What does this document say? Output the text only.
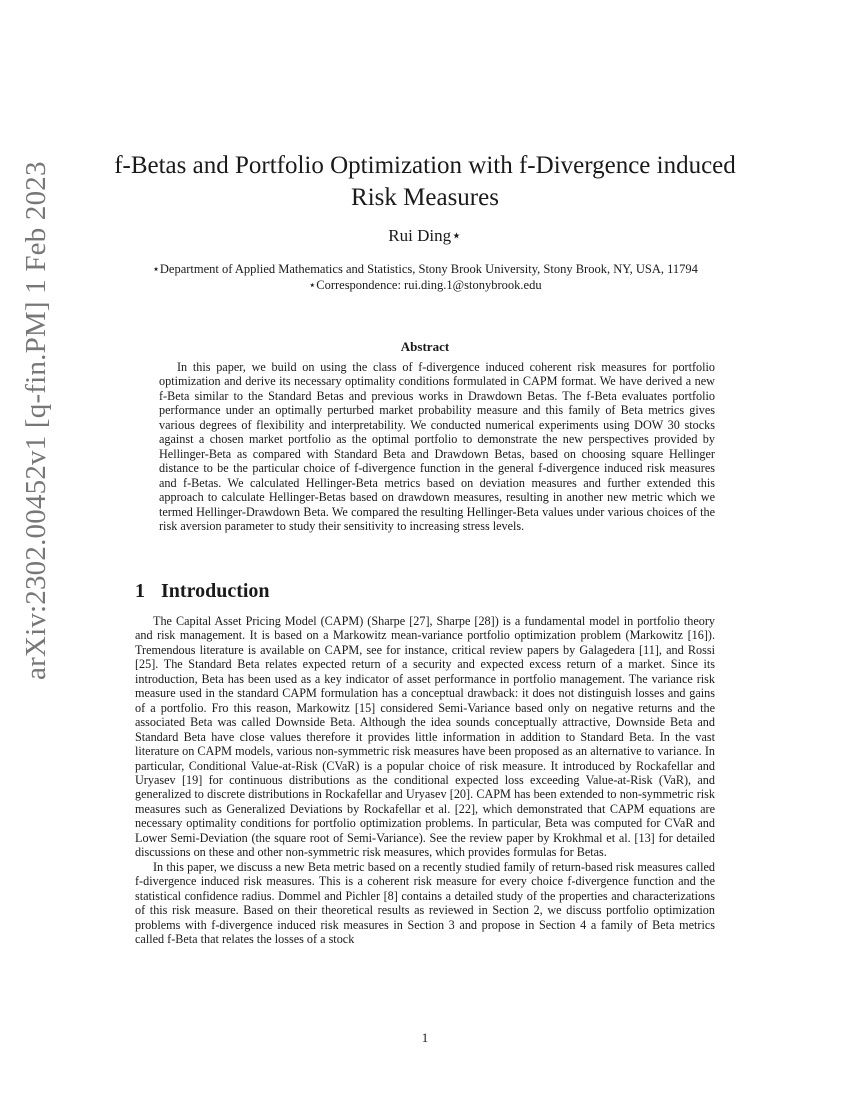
arXiv:2302.00452v1 [q-fin.PM] 1 Feb 2023	f-Betas and Portfolio Optimization with f-Divergence induced Risk Measures
Rui Ding⋆
⋆Department of Applied Mathematics and Statistics, Stony Brook University, Stony Brook, NY, USA, 11794
⋆Correspondence: rui.ding.1@stonybrook.edu
Abstract

In this paper, we build on using the class of f-divergence induced coherent risk measures for portfolio optimization and derive its necessary optimality conditions formulated in CAPM format. We have derived a new f-Beta similar to the Standard Betas and previous works in Drawdown Betas. The f-Beta evaluates portfolio performance under an optimally perturbed market probability measure and this family of Beta metrics gives various degrees of flexibility and interpretability. We conducted numerical experiments using DOW 30 stocks against a chosen market portfolio as the optimal portfolio to demonstrate the new perspectives provided by Hellinger-Beta as compared with Standard Beta and Drawdown Betas, based on choosing square Hellinger distance to be the particular choice of f-divergence function in the general f-divergence induced risk measures and f-Betas. We calculated Hellinger-Beta metrics based on deviation measures and further extended this approach to calculate Hellinger-Betas based on drawdown measures, resulting in another new metric which we termed Hellinger-Drawdown Beta. We compared the resulting Hellinger-Beta values under various choices of the risk aversion parameter to study their sensitivity to increasing stress levels.

1 Introduction

The Capital Asset Pricing Model (CAPM) (Sharpe [27], Sharpe [28]) is a fundamental model in portfolio theory and risk management. It is based on a Markowitz mean-variance portfolio optimization problem (Markowitz [16]). Tremendous literature is available on CAPM, see for instance, critical review papers by Galagedera [11], and Rossi [25]. The Standard Beta relates expected return of a security and expected excess return of a market. Since its introduction, Beta has been used as a key indicator of asset performance in portfolio management. The variance risk measure used in the standard CAPM formulation has a conceptual drawback: it does not distinguish losses and gains of a portfolio. Fro this reason, Markowitz [15] considered Semi-Variance based only on negative returns and the associated Beta was called Downside Beta. Although the idea sounds conceptually attractive, Downside Beta and Standard Beta have close values therefore it provides little information in addition to Standard Beta. In the vast literature on CAPM models, various non-symmetric risk measures have been proposed as an alternative to variance. In particular, Conditional Value-at-Risk (CVaR) is a popular choice of risk measure. It introduced by Rockafellar and Uryasev [19] for continuous distributions as the conditional expected loss exceeding Value-at-Risk (VaR), and generalized to discrete distributions in Rockafellar and Uryasev [20]. CAPM has been extended to non-symmetric risk measures such as Generalized Deviations by Rockafellar et al. [22], which demonstrated that CAPM equations are necessary optimality conditions for portfolio optimization problems. In particular, Beta was computed for CVaR and Lower Semi-Deviation (the square root of Semi-Variance). See the review paper by Krokhmal et al. [13] for detailed discussions on these and other non-symmetric risk measures, which provides formulas for Betas.

In this paper, we discuss a new Beta metric based on a recently studied family of return-based risk measures called f-divergence induced risk measures. This is a coherent risk measure for every choice f-divergence function and the statistical confidence radius. Dommel and Pichler [8] contains a detailed study of the properties and characterizations of this risk measure. Based on their theoretical results as reviewed in Section 2, we discuss portfolio optimization problems with f-divergence induced risk measures in Section 3 and propose in Section 4 a family of Beta metrics called f-Beta that relates the losses of a stock

1
